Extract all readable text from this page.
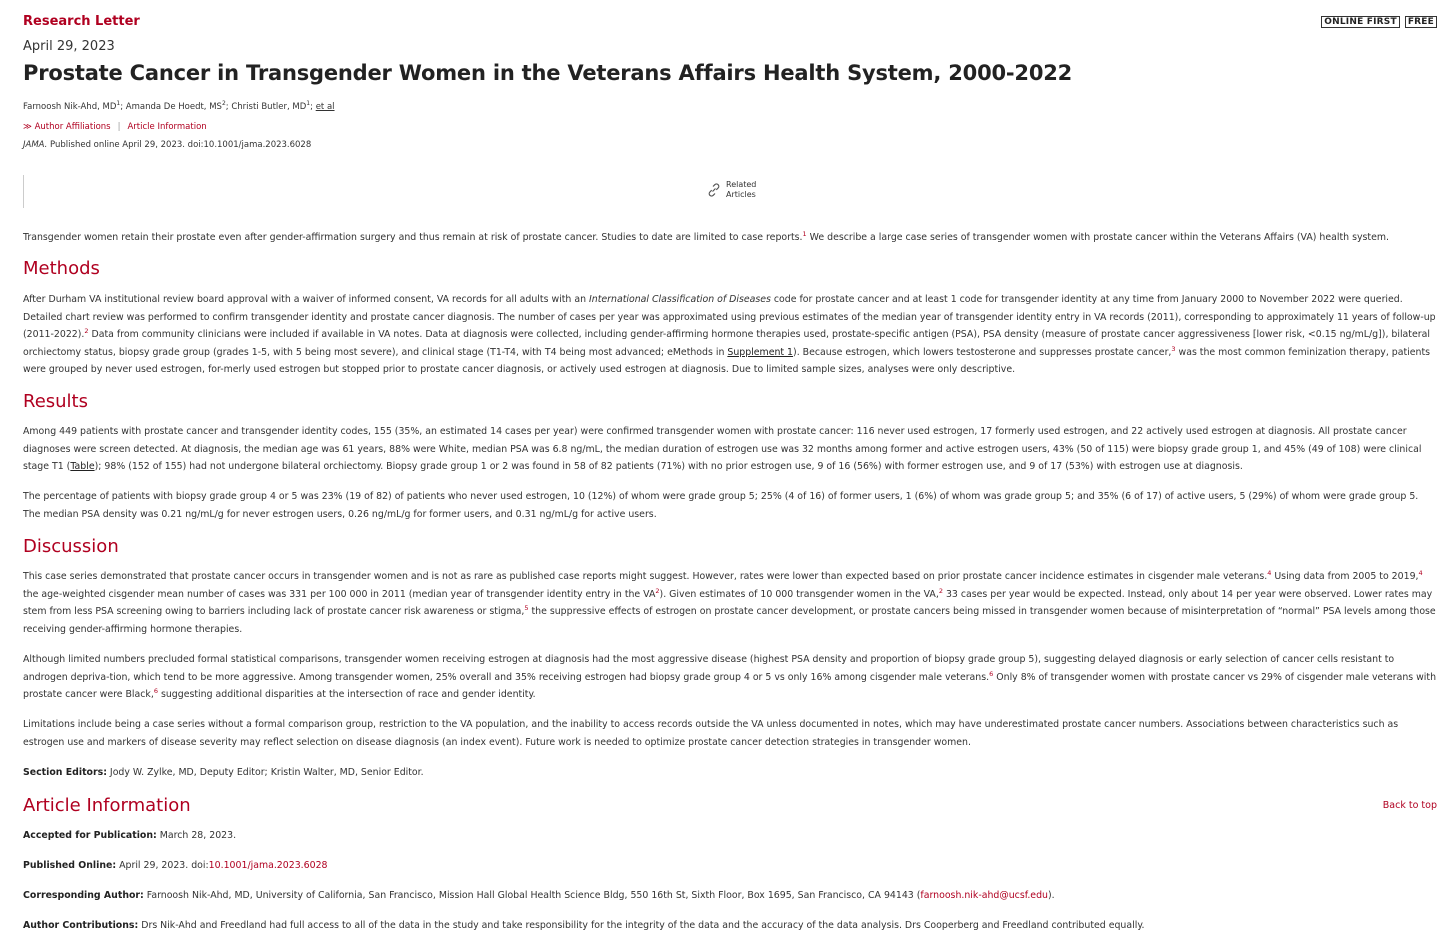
Research Letter	ONLINE FIRST	FREE
April 29, 2023
Prostate Cancer in Transgender Women in the Veterans Affairs Health System, 2000-2022
Farnoosh Nik-Ahd, $MD^1$; Amanda De Hoedt, $MS^2$; Christi Butler, $MD^1$; et al
≫ Author Affiliations | Article Information
JAMA. Published online April 29, 2023. doi:10.1001/jama.2023.6028
Related
Articles

Transgender women retain their prostate even after gender-affirmation surgery and thus remain at risk of prostate cancer. Studies to date are limited to case reports.$^1$ We describe a large case series of transgender women with prostate cancer within the Veterans Affairs (VA) health system.

Methods

After Durham VA institutional review board approval with a waiver of informed consent, VA records for all adults with an International Classification of Diseases code for prostate cancer and at least 1 code for transgender identity at any time from January 2000 to November 2022 were queried. Detailed chart review was performed to confirm transgender identity and prostate cancer diagnosis. The number of cases per year was approximated using previous estimates of the median year of transgender identity entry in VA records (2011), corresponding to approximately 11 years of follow-up (2011-2022).$^2$ Data from community clinicians were included if available in VA notes. Data at diagnosis were collected, including gender-affirming hormone therapies used, prostate-specific antigen (PSA), PSA density (measure of prostate cancer aggressiveness [lower risk, <0.15 ng/mL/g]), bilateral orchiectomy status, biopsy grade group (grades 1-5, with 5 being most severe), and clinical stage (T1-T4, with T4 being most advanced; eMethods in Supplement 1). Because estrogen, which lowers testosterone and suppresses prostate cancer,$^3$ was the most common feminization therapy, patients were grouped by never used estrogen, for-merly used estrogen but stopped prior to prostate cancer diagnosis, or actively used estrogen at diagnosis. Due to limited sample sizes, analyses were only descriptive.

Results

Among 449 patients with prostate cancer and transgender identity codes, 155 (35%, an estimated 14 cases per year) were confirmed transgender women with prostate cancer: 116 never used estrogen, 17 formerly used estrogen, and 22 actively used estrogen at diagnosis. All prostate cancer diagnoses were screen detected. At diagnosis, the median age was 61 years, 88% were White, median PSA was 6.8 ng/mL, the median duration of estrogen use was 32 months among former and active estrogen users, 43% (50 of 115) were biopsy grade group 1, and 45% (49 of 108) were clinical stage T1 (Table); 98% (152 of 155) had not undergone bilateral orchiectomy. Biopsy grade group 1 or 2 was found in 58 of 82 patients (71%) with no prior estrogen use, 9 of 16 (56%) with former estrogen use, and 9 of 17 (53%) with estrogen use at diagnosis.

The percentage of patients with biopsy grade group 4 or 5 was 23% (19 of 82) of patients who never used estrogen, 10 (12%) of whom were grade group 5; 25% (4 of 16) of former users, 1 (6%) of whom was grade group 5; and 35% (6 of 17) of active users, 5 (29%) of whom were grade group 5. The median PSA density was 0.21 ng/mL/g for never estrogen users, 0.26 ng/mL/g for former users, and 0.31 ng/mL/g for active users.

Discussion

This case series demonstrated that prostate cancer occurs in transgender women and is not as rare as published case reports might suggest. However, rates were lower than expected based on prior prostate cancer incidence estimates in cisgender male veterans.$^4$ Using data from 2005 to 2019,$^4$ the age-weighted cisgender mean number of cases was 331 per 100 000 in 2011 (median year of transgender identity entry in the $VA^2$). Given estimates of 10 000 transgender women in the VA,$^2$ 33 cases per year would be expected. Instead, only about 14 per year were observed. Lower rates may stem from less PSA screening owing to barriers including lack of prostate cancer risk awareness or stigma,$^5$ the suppressive effects of estrogen on prostate cancer development, or prostate cancers being missed in transgender women because of misinterpretation of “normal” PSA levels among those receiving gender-affirming hormone therapies.

Although limited numbers precluded formal statistical comparisons, transgender women receiving estrogen at diagnosis had the most aggressive disease (highest PSA density and proportion of biopsy grade group 5), suggesting delayed diagnosis or early selection of cancer cells resistant to androgen depriva-tion, which tend to be more aggressive. Among transgender women, 25% overall and 35% receiving estrogen had biopsy grade group 4 or 5 vs only 16% among cisgender male veterans.$^6$ Only 8% of transgender women with prostate cancer vs 29% of cisgender male veterans with prostate cancer were Black,$^6$ suggesting additional disparities at the intersection of race and gender identity.

Limitations include being a case series without a formal comparison group, restriction to the VA population, and the inability to access records outside the VA unless documented in notes, which may have underestimated prostate cancer numbers. Associations between characteristics such as estrogen use and markers of disease severity may reflect selection on disease diagnosis (an index event). Future work is needed to optimize prostate cancer detection strategies in transgender women.

Section Editors: Jody W. Zylke, MD, Deputy Editor; Kristin Walter, MD, Senior Editor.

Article Information	Back to top

Accepted for Publication: March 28, 2023.

Published Online: April 29, 2023. doi:10.1001/jama.2023.6028

Corresponding Author: Farnoosh Nik-Ahd, MD, University of California, San Francisco, Mission Hall Global Health Science Bldg, 550 16th St, Sixth Floor, Box 1695, San Francisco, CA 94143 (farnoosh.nik-ahd@ucsf.edu).

Author Contributions: Drs Nik-Ahd and Freedland had full access to all of the data in the study and take responsibility for the integrity of the data and the accuracy of the data analysis. Drs Cooperberg and Freedland contributed equally.
